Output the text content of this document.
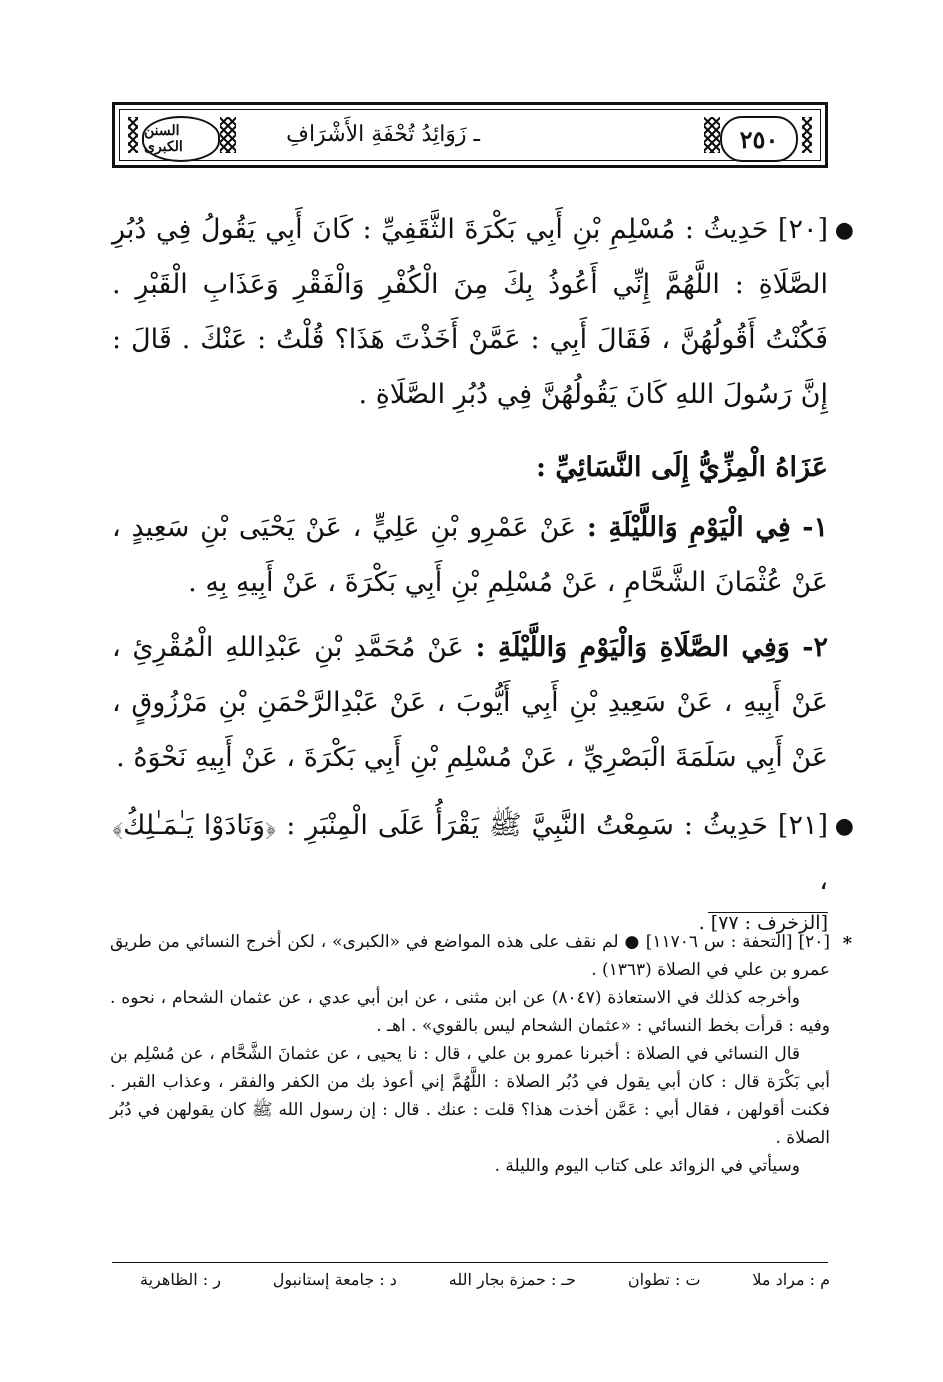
السنن الكبرى	٢٥٠
ـ زَوَائِدُ تُحْفَةِ الأَشْرَافِ
●

[٢٠] حَدِيثُ : مُسْلِمِ بْنِ أَبِي بَكْرَةَ الثَّقَفِيِّ : كَانَ أَبِي يَقُولُ فِي دُبُرِ الصَّلَاةِ : اللَّهُمَّ إِنِّي أَعُوذُ بِكَ مِنَ الْكُفْرِ وَالْفَقْرِ وَعَذَابِ الْقَبْرِ . فَكُنْتُ أَقُولُهُنَّ ، فَقَالَ أَبِي : عَمَّنْ أَخَذْتَ هَذَا؟ قُلْتُ : عَنْكَ . قَالَ : إِنَّ رَسُولَ اللهِ كَانَ يَقُولُهُنَّ فِي دُبُرِ الصَّلَاةِ .

عَزَاهُ الْمِزِّيُّ إِلَى النَّسَائِيِّ :

١- فِي الْيَوْمِ وَاللَّيْلَةِ : عَنْ عَمْرِو بْنِ عَلِيٍّ ، عَنْ يَحْيَى بْنِ سَعِيدٍ ، عَنْ عُثْمَانَ الشَّحَّامِ ، عَنْ مُسْلِمِ بْنِ أَبِي بَكْرَةَ ، عَنْ أَبِيهِ بِهِ .

٢- وَفِي الصَّلَاةِ وَالْيَوْمِ وَاللَّيْلَةِ : عَنْ مُحَمَّدِ بْنِ عَبْدِاللهِ الْمُقْرِئِ ، عَنْ أَبِيهِ ، عَنْ سَعِيدِ بْنِ أَبِي أَيُّوبَ ، عَنْ عَبْدِالرَّحْمَنِ بْنِ مَرْزُوقٍ ، عَنْ أَبِي سَلَمَةَ الْبَصْرِيِّ ، عَنْ مُسْلِمِ بْنِ أَبِي بَكْرَةَ ، عَنْ أَبِيهِ نَحْوَهُ .

●

[٢١] حَدِيثُ : سَمِعْتُ النَّبِيَّ ﷺ يَقْرَأُ عَلَى الْمِنْبَرِ : ﴿وَنَادَوْا يَـٰمَـٰلِكُ﴾ ،

[الزخرف : ٧٧] .

*

[٢٠] [التحفة : س ١١٧٠٦] ● لم نقف على هذه المواضع في «الكبرى» ، لكن أخرج النسائي من طريق عمرو بن علي في الصلاة (١٣٦٣) .

وأخرجه كذلك في الاستعاذة (٨٠٤٧) عن ابن مثنى ، عن ابن أبي عدي ، عن عثمان الشحام ، نحوه . وفيه : قرأت بخط النسائي : «عثمان الشحام ليس بالقوي» . اهـ .

قال النسائي في الصلاة : أخبرنا عمرو بن علي ، قال : نا يحيى ، عن عثمانَ الشَّحَّام ، عن مُسْلِم بن أبي بَكْرَة قال : كان أبي يقول في دُبُر الصلاة : اللَّهُمَّ إني أعوذ بك من الكفر والفقر ، وعذاب القبر . فكنت أقولهن ، فقال أبي : عَمَّن أخذت هذا؟ قلت : عنك . قال : إن رسول الله ﷺ كان يقولهن في دُبُر الصلاة .

وسيأتي في الزوائد على كتاب اليوم والليلة .

م : مراد ملا
ت : تطوان
حـ : حمزة بجار الله
د : جامعة إستانبول
ر : الظاهرية
